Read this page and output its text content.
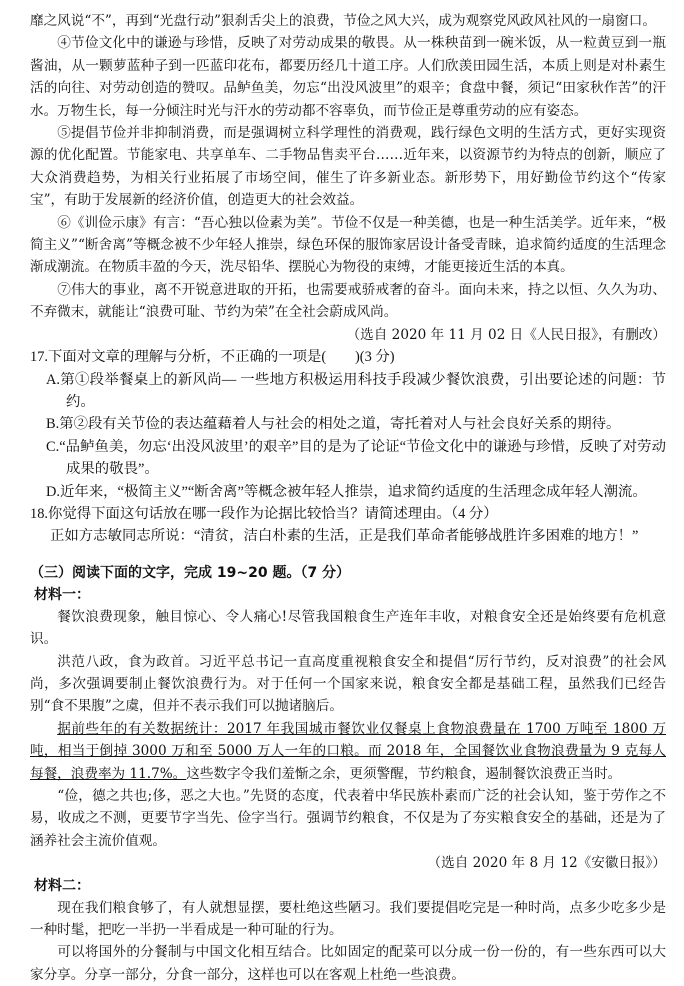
靡之风说“不”，再到“光盘行动”狠刹舌尖上的浪费，节俭之风大兴，成为观察党风政风社风的一扇窗口。

④节俭文化中的谦逊与珍惜，反映了对劳动成果的敬畏。从一株秧苗到一碗米饭，从一粒黄豆到一瓶酱油，从一颗萝蓝种子到一匹蓝印花布，都要历经几十道工序。人们欣羡田园生活，本质上则是对朴素生活的向往、对劳动创造的赞叹。品鲈鱼美，勿忘“出没风波里”的艰辛；食盘中餐，须记“田家秋作苦”的汗水。万物生长，每一分倾注时光与汗水的劳动都不容辜负，而节俭正是尊重劳动的应有姿态。

⑤提倡节俭并非抑制消费，而是强调树立科学理性的消费观，践行绿色文明的生活方式，更好实现资源的优化配置。节能家电、共享单车、二手物品售卖平台……近年来，以资源节约为特点的创新，顺应了大众消费趋势，为相关行业拓展了市场空间，催生了许多新业态。新形势下，用好勤俭节约这个“传家宝”，有助于发展新的经济价值，创造更大的社会效益。

⑥《训俭示康》有言：“吾心独以俭素为美”。节俭不仅是一种美德，也是一种生活美学。近年来，“极简主义”“断舍离”等概念被不少年轻人推崇，绿色环保的服饰家居设计备受青睐，追求简约适度的生活理念渐成潮流。在物质丰盈的今天，洗尽铅华、摆脱心为物役的束缚，才能更接近生活的本真。

⑦伟大的事业，离不开锐意进取的开拓，也需要戒骄戒奢的奋斗。面向未来，持之以恒、久久为功、不弃微末，就能让“浪费可耻、节约为荣”在全社会蔚成风尚。

（选自 2020 年 11 月 02 日《人民日报》，有删改）

17.下面对文章的理解与分析，不正确的一项是(　　)(3 分)

A.第①段举餐桌上的新风尚— 一些地方积极运用科技手段减少餐饮浪费，引出要论述的问题：节约。

B.第②段有关节俭的表达蕴藉着人与社会的相处之道，寄托着对人与社会良好关系的期待。

C.“品鲈鱼美，勿忘‘出没风波里’的艰辛”目的是为了论证“节俭文化中的谦逊与珍惜，反映了对劳动成果的敬畏”。

D.近年来，“极简主义”“断舍离”等概念被年轻人推崇，追求简约适度的生活理念成年轻人潮流。

18.你觉得下面这句话放在哪一段作为论据比较恰当？请简述理由。（4 分）

正如方志敏同志所说：“清贫，洁白朴素的生活，正是我们革命者能够战胜许多困难的地方！”

（三）阅读下面的文字，完成 19~20 题。（7 分）

材料一：

餐饮浪费现象，触目惊心、令人痛心!尽管我国粮食生产连年丰收，对粮食安全还是始终要有危机意识。

洪范八政，食为政首。习近平总书记一直高度重视粮食安全和提倡“厉行节约，反对浪费”的社会风尚，多次强调要制止餐饮浪费行为。对于任何一个国家来说，粮食安全都是基础工程，虽然我们已经告别“食不果腹”之虞，但并不表示我们可以抛诸脑后。

据前些年的有关数据统计：2017 年我国城市餐饮业仅餐桌上食物浪费量在 1700 万吨至 1800 万吨，相当于倒掉 3000 万和至 5000 万人一年的口粮。而 2018 年，全国餐饮业食物浪费量为 9 克每人每餐，浪费率为 11.7%。这些数字令我们羞惭之余，更须警醒，节约粮食，遏制餐饮浪费正当时。

“俭，德之共也;侈，恶之大也。”先贤的态度，代表着中华民族朴素而广泛的社会认知，鉴于劳作之不易，收成之不测，更要节字当先、俭字当行。强调节约粮食，不仅是为了夯实粮食安全的基础，还是为了涵养社会主流价值观。

（选自 2020 年 8 月 12《安徽日报》）

材料二：

现在我们粮食够了，有人就想显摆，要杜绝这些陋习。我们要提倡吃完是一种时尚，点多少吃多少是一种时髦，把吃一半扔一半看成是一种可耻的行为。

可以将国外的分餐制与中国文化相互结合。比如固定的配菜可以分成一份一份的，有一些东西可以大家分享。分享一部分，分食一部分，这样也可以在客观上杜绝一些浪费。
